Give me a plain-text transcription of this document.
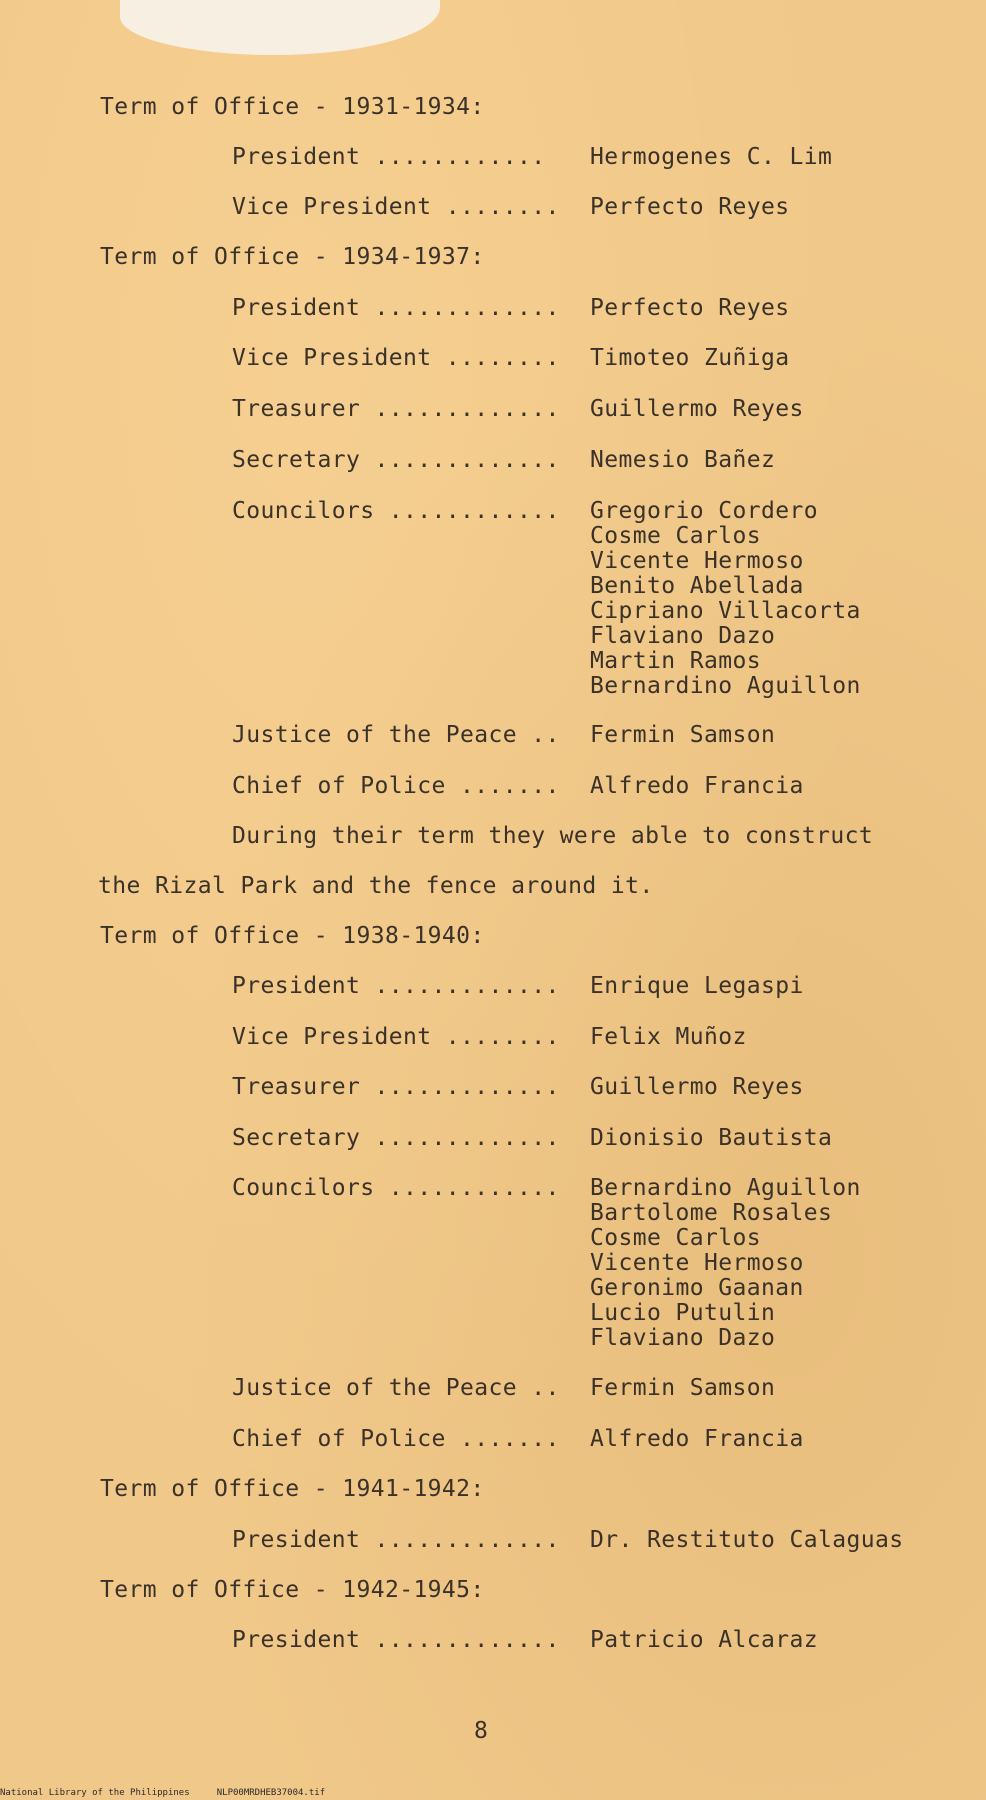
Term of Office - 1931-1934:
President ............ Hermogenes C. Lim
Vice President ........ Perfecto Reyes
Term of Office - 1934-1937:
President ............. Perfecto Reyes
Vice President ........ Timoteo Zuñiga
Treasurer ............. Guillermo Reyes
Secretary ............. Nemesio Bañez
Councilors ............ Gregorio Cordero
Cosme Carlos
Vicente Hermoso
Benito Abellada
Cipriano Villacorta
Flaviano Dazo
Martin Ramos
Bernardino Aguillon
Justice of the Peace .. Fermin Samson
Chief of Police ....... Alfredo Francia
During their term they were able to construct
the Rizal Park and the fence around it.
Term of Office - 1938-1940:
President ............. Enrique Legaspi
Vice President ........ Felix Muñoz
Treasurer ............. Guillermo Reyes
Secretary ............. Dionisio Bautista
Councilors ............ Bernardino Aguillon
Bartolome Rosales
Cosme Carlos
Vicente Hermoso
Geronimo Gaanan
Lucio Putulin
Flaviano Dazo
Justice of the Peace .. Fermin Samson
Chief of Police ....... Alfredo Francia
Term of Office - 1941-1942:
President ............. Dr. Restituto Calaguas
Term of Office - 1942-1945:
President ............. Patricio Alcaraz
8
National Library of the Philippines     NLP00MRDHEB37004.tif
